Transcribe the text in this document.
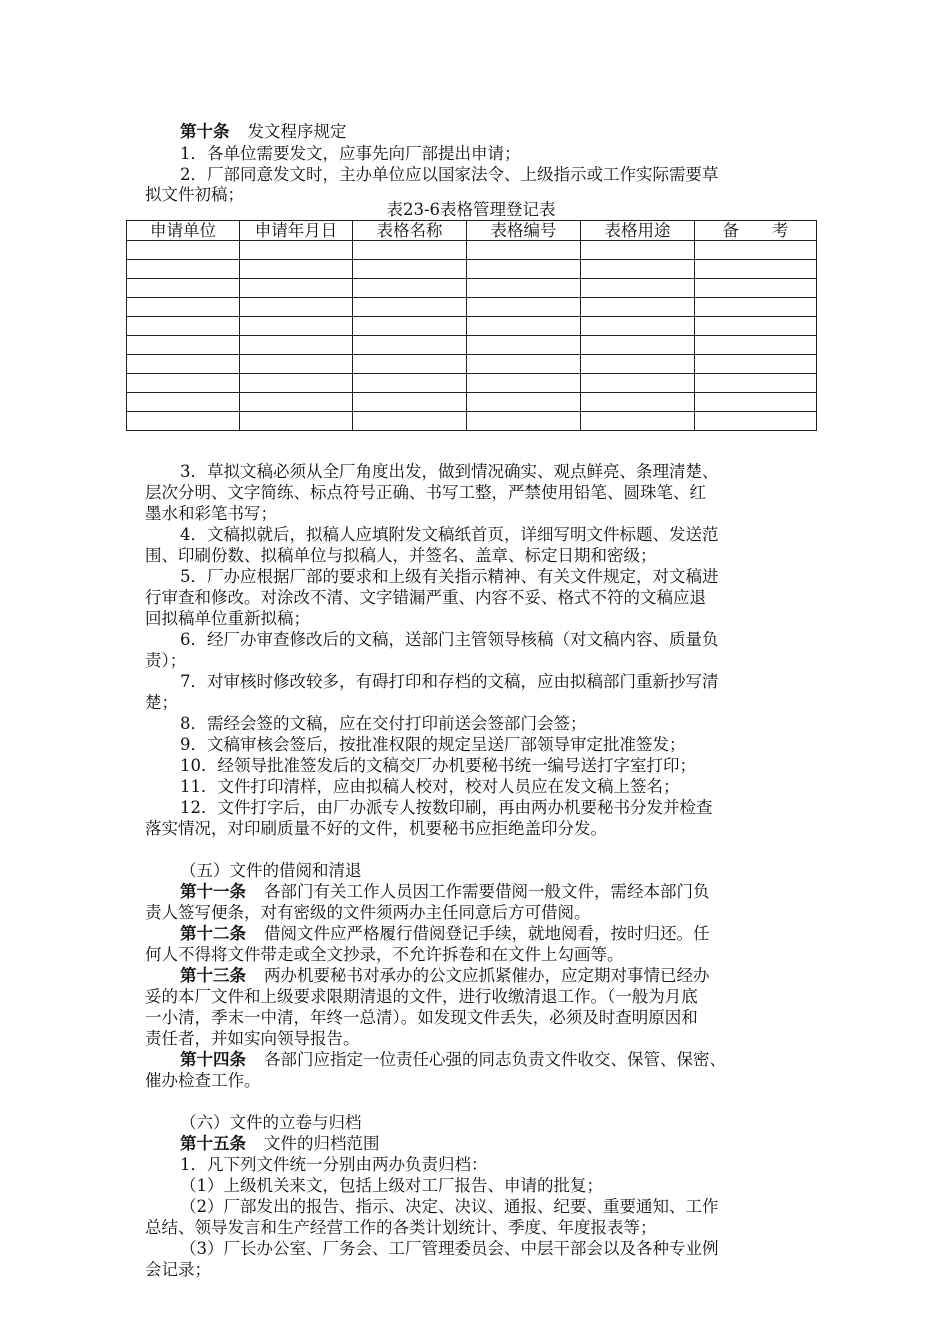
第十条 发文程序规定
1．各单位需要发文，应事先向厂部提出申请；
2．厂部同意发文时，主办单位应以国家法令、上级指示或工作实际需要草
拟文件初稿；
表23-6表格管理登记表
申请单位	申请年月日	表格名称	表格编号	表格用途	备　　考

3．草拟文稿必须从全厂角度出发，做到情况确实、观点鲜亮、条理清楚、
层次分明、文字简练、标点符号正确、书写工整，严禁使用铅笔、圆珠笔、红
墨水和彩笔书写；
4．文稿拟就后，拟稿人应填附发文稿纸首页，详细写明文件标题、发送范
围、印刷份数、拟稿单位与拟稿人，并签名、盖章、标定日期和密级；
5．厂办应根据厂部的要求和上级有关指示精神、有关文件规定，对文稿进
行审查和修改。对涂改不清、文字错漏严重、内容不妥、格式不符的文稿应退
回拟稿单位重新拟稿；
6．经厂办审查修改后的文稿，送部门主管领导核稿（对文稿内容、质量负
责）；
7．对审核时修改较多，有碍打印和存档的文稿，应由拟稿部门重新抄写清
楚；
8．需经会签的文稿，应在交付打印前送会签部门会签；
9．文稿审核会签后，按批准权限的规定呈送厂部领导审定批准签发；
10．经领导批准签发后的文稿交厂办机要秘书统一编号送打字室打印；
11．文件打印清样，应由拟稿人校对，校对人员应在发文稿上签名；
12．文件打字后，由厂办派专人按数印刷，再由两办机要秘书分发并检查
落实情况，对印刷质量不好的文件，机要秘书应拒绝盖印分发。
（五）文件的借阅和清退
第十一条 各部门有关工作人员因工作需要借阅一般文件，需经本部门负
责人签写便条，对有密级的文件须两办主任同意后方可借阅。
第十二条 借阅文件应严格履行借阅登记手续，就地阅看，按时归还。任
何人不得将文件带走或全文抄录，不允许拆卷和在文件上勾画等。
第十三条 两办机要秘书对承办的公文应抓紧催办，应定期对事情已经办
妥的本厂文件和上级要求限期清退的文件，进行收缴清退工作。（一般为月底
一小清，季末一中清，年终一总清）。如发现文件丢失，必须及时查明原因和
责任者，并如实向领导报告。
第十四条 各部门应指定一位责任心强的同志负责文件收交、保管、保密、
催办检查工作。
（六）文件的立卷与归档
第十五条 文件的归档范围
1．凡下列文件统一分别由两办负责归档：
（1）上级机关来文，包括上级对工厂报告、申请的批复；
（2）厂部发出的报告、指示、决定、决议、通报、纪要、重要通知、工作
总结、领导发言和生产经营工作的各类计划统计、季度、年度报表等；
（3）厂长办公室、厂务会、工厂管理委员会、中层干部会以及各种专业例
会记录；
